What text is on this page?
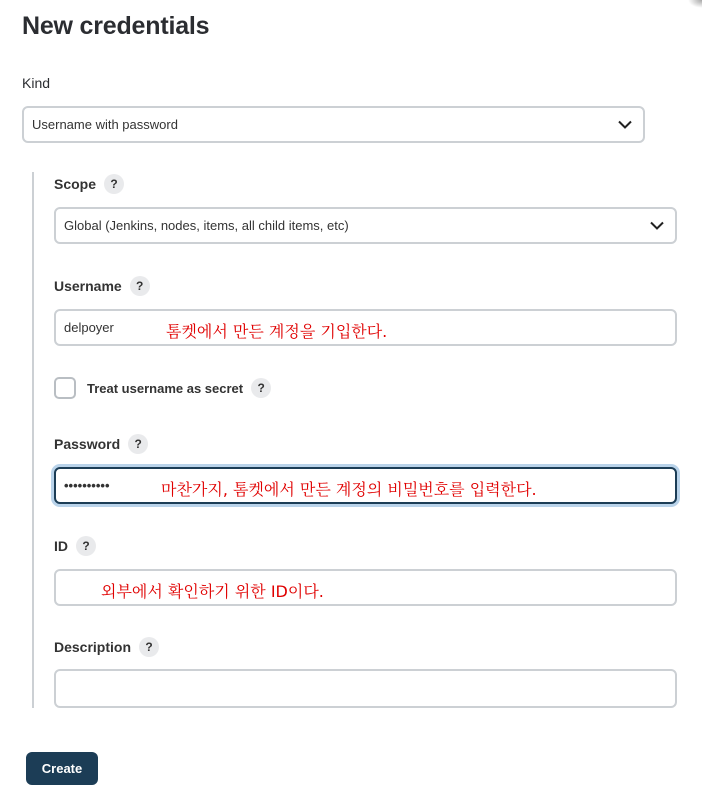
New credentials
Kind
Username with password
Scope	?
Global (Jenkins, nodes, items, all child items, etc)
Username	?
delpoyer	톰켓에서 만든 계정을 기입한다.
Treat username as secret	?
Password	?
••••••••••	마찬가지, 톰켓에서 만든 계정의 비밀번호를 입력한다.
ID	?
외부에서 확인하기 위한 ID이다.
Description	?
Create
